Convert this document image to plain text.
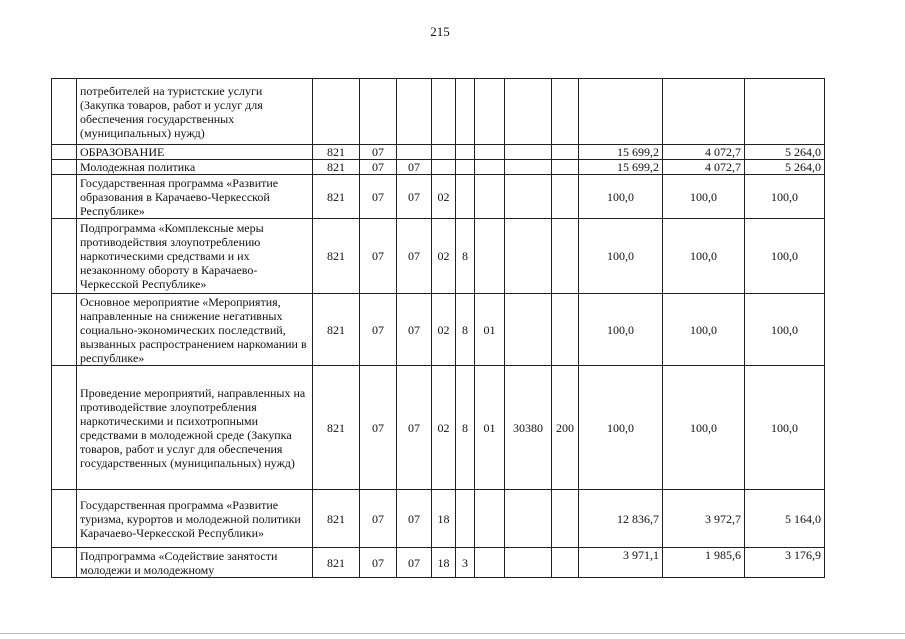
215
	потребителей на туристские услуги (Закупка товаров, работ и услуг для обеспечения государственных (муниципальных) нужд)											
	ОБРАЗОВАНИЕ	821	07							15 699,2	4 072,7	5 264,0
	Молодежная политика	821	07	07						15 699,2	4 072,7	5 264,0
	Государственная программа «Развитие образования в Карачаево-Черкесской Республике»	821	07	07	02					100,0	100,0	100,0
	Подпрограмма «Комплексные меры противодействия злоупотреблению наркотическими средствами и их незаконному обороту в Карачаево-Черкесской Республике»	821	07	07	02	8				100,0	100,0	100,0
	Основное мероприятие «Мероприятия, направленные на снижение негативных социально-экономических последствий, вызванных распространением наркомании в республике»	821	07	07	02	8	01			100,0	100,0	100,0
	Проведение мероприятий, направленных на противодействие злоупотребления наркотическими и психотропными средствами в молодежной среде (Закупка товаров, работ и услуг для обеспечения государственных (муниципальных) нужд)	821	07	07	02	8	01	30380	200	100,0	100,0	100,0
	Государственная программа «Развитие туризма, курортов и молодежной политики Карачаево-Черкесской Республики»	821	07	07	18					12 836,7	3 972,7	5 164,0
	Подпрограмма «Содействие занятости молодежи и молодежному	821	07	07	18	3				3 971,1	1 985,6	3 176,9
